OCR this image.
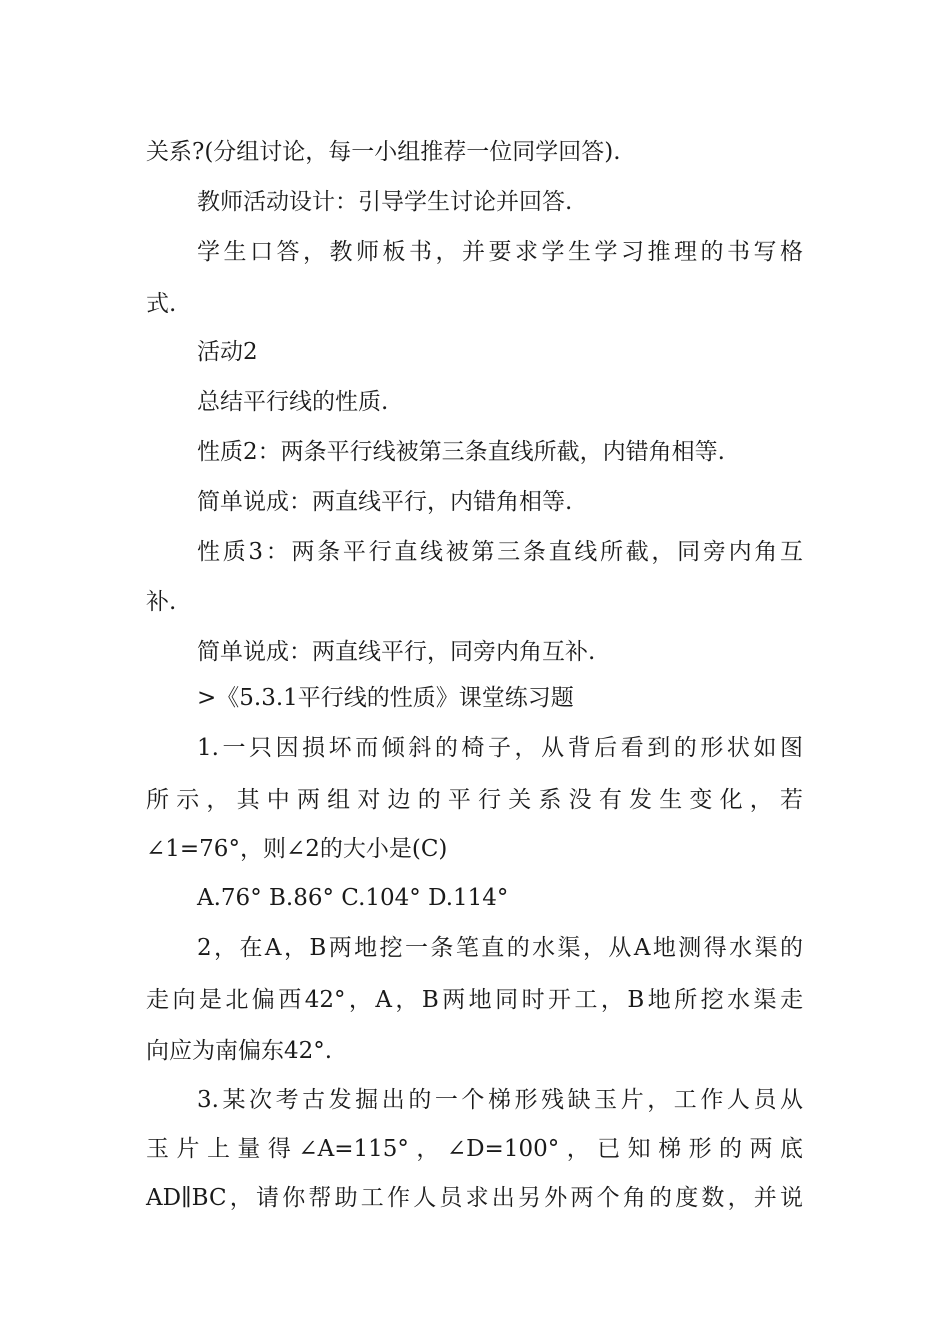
关系?(分组讨论，每一小组推荐一位同学回答).
教师活动设计：引导学生讨论并回答.
学生口答，教师板书，并要求学生学习推理的书写格
式.
活动2
总结平行线的性质.
性质2：两条平行线被第三条直线所截，内错角相等.
简单说成：两直线平行，内错角相等.
性质3：两条平行直线被第三条直线所截，同旁内角互
补.
简单说成：两直线平行，同旁内角互补.
>《5.3.1平行线的性质》课堂练习题
1.一只因损坏而倾斜的椅子，从背后看到的形状如图
所示，其中两组对边的平行关系没有发生变化，若
∠1=76°，则∠2的大小是(C)
A.76° B.86° C.104° D.114°
2，在A，B两地挖一条笔直的水渠，从A地测得水渠的
走向是北偏西42°，A，B两地同时开工，B地所挖水渠走
向应为南偏东42°.
3.某次考古发掘出的一个梯形残缺玉片，工作人员从
玉片上量得∠A=115°，∠D=100°，已知梯形的两底
AD∥BC，请你帮助工作人员求出另外两个角的度数，并说
